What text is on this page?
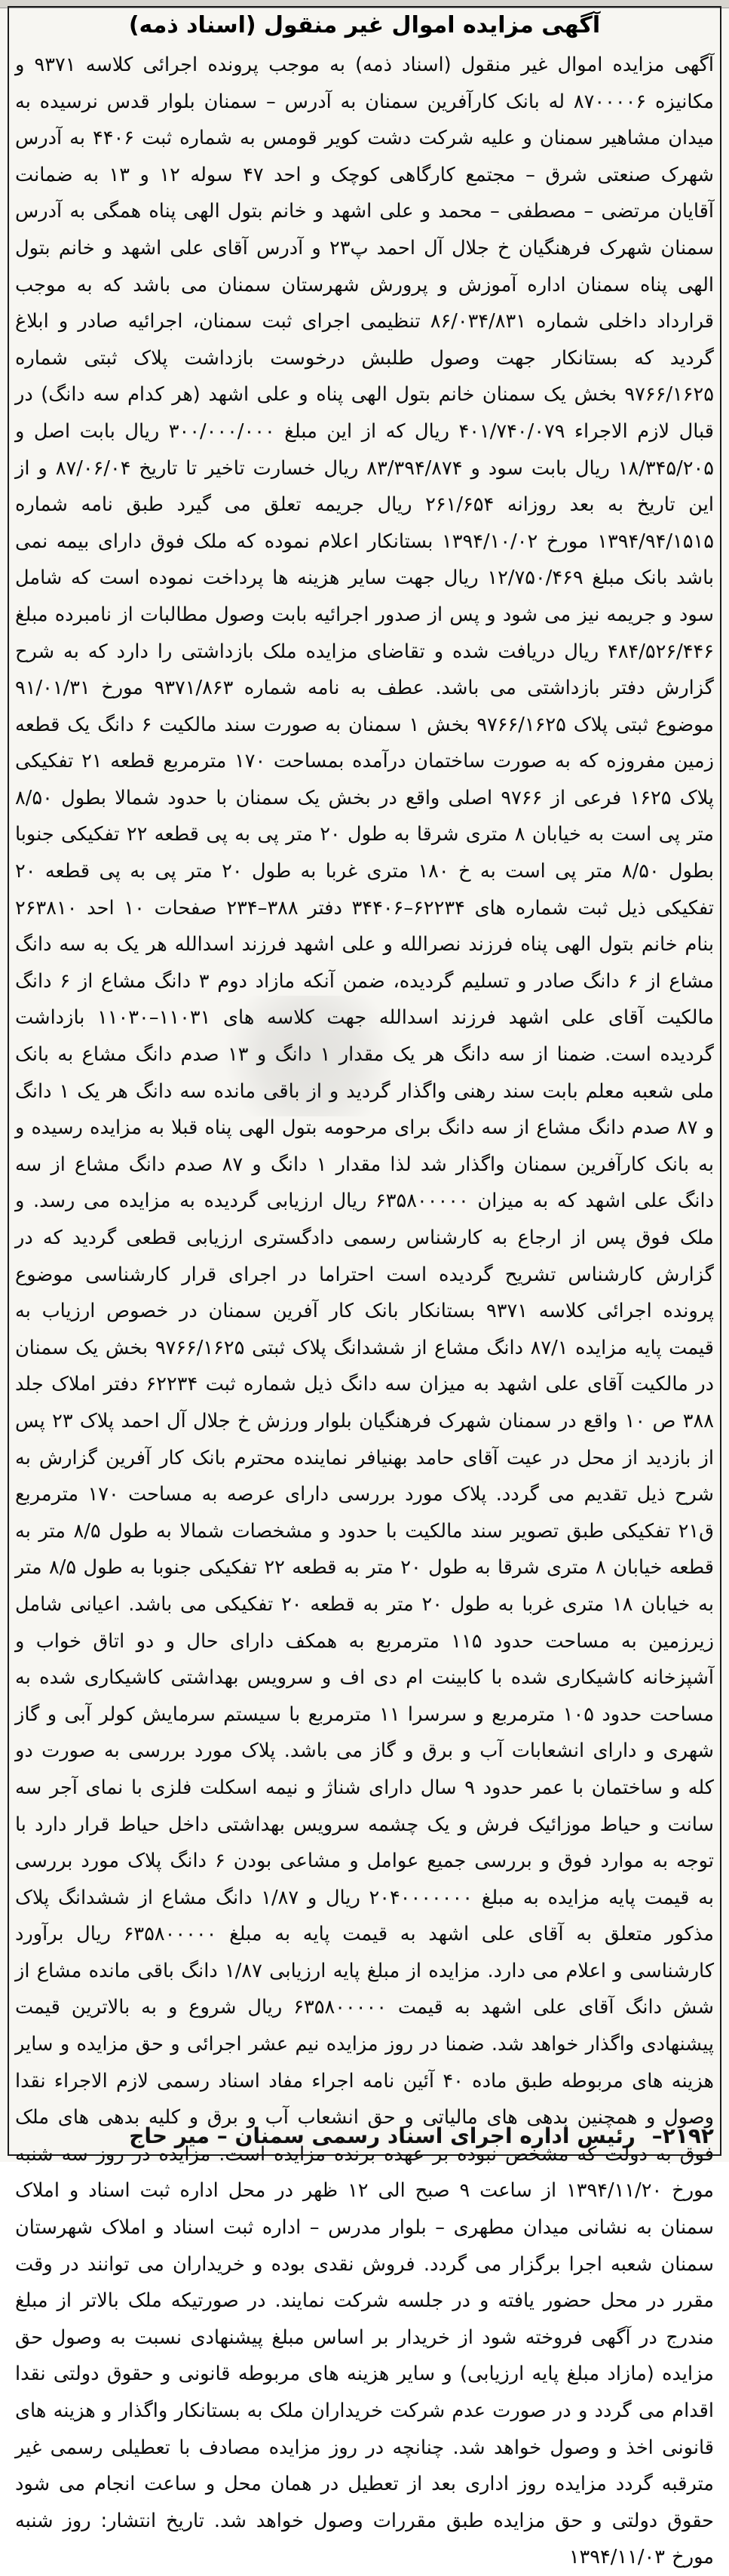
آگهی مزایده اموال غیر منقول (اسناد ذمه)
آگهی مزایده اموال غیر منقول (اسناد ذمه) به موجب پرونده اجرائی کلاسه ۹۳۷۱ و مکانیزه ۸۷۰۰۰۰۶ له بانک کارآفرین سمنان به آدرس – سمنان بلوار قدس نرسیده به میدان مشاهیر سمنان و علیه شرکت دشت کویر قومس به شماره ثبت ۴۴۰۶ به آدرس شهرک صنعتی شرق – مجتمع کارگاهی کوچک و احد ۴۷ سوله ۱۲ و ۱۳ به ضمانت آقایان مرتضی – مصطفی – محمد و علی اشهد و خانم بتول الهی پناه همگی به آدرس سمنان شهرک فرهنگیان خ جلال آل احمد پ۲۳ و آدرس آقای علی اشهد و خانم بتول الهی پناه سمنان اداره آموزش و پرورش شهرستان سمنان می باشد که به موجب قرارداد داخلی شماره ۸۶/۰۳۴/۸۳۱ تنظیمی اجرای ثبت سمنان، اجرائیه صادر و ابلاغ گردید که بستانکار جهت وصول طلبش درخوست بازداشت پلاک ثبتی شماره ۹۷۶۶/۱۶۲۵ بخش یک سمنان خانم بتول الهی پناه و علی اشهد (هر کدام سه دانگ) در قبال لازم الاجراء ۴۰۱/۷۴۰/۰۷۹ ریال که از این مبلغ ۳۰۰/۰۰۰/۰۰۰ ریال بابت اصل و ۱۸/۳۴۵/۲۰۵ ریال بابت سود و ۸۳/۳۹۴/۸۷۴ ریال خسارت تاخیر تا تاریخ ۸۷/۰۶/۰۴ و از این تاریخ به بعد روزانه ۲۶۱/۶۵۴ ریال جریمه تعلق می گیرد طبق نامه شماره ۱۳۹۴/۹۴/۱۵۱۵ مورخ ۱۳۹۴/۱۰/۰۲ بستانکار اعلام نموده که ملک فوق دارای بیمه نمی باشد بانک مبلغ ۱۲/۷۵۰/۴۶۹ ریال جهت سایر هزینه ها پرداخت نموده است که شامل سود و جریمه نیز می شود و پس از صدور اجرائیه بابت وصول مطالبات از نامبرده مبلغ ۴۸۴/۵۲۶/۴۴۶ ریال دریافت شده و تقاضای مزایده ملک بازداشتی را دارد که به شرح گزارش دفتر بازداشتی می باشد. عطف به نامه شماره ۹۳۷۱/۸۶۳ مورخ ۹۱/۰۱/۳۱ موضوع ثبتی پلاک ۹۷۶۶/۱۶۲۵ بخش ۱ سمنان به صورت سند مالکیت ۶ دانگ یک قطعه زمین مفروزه که به صورت ساختمان درآمده بمساحت ۱۷۰ مترمربع قطعه ۲۱ تفکیکی پلاک ۱۶۲۵ فرعی از ۹۷۶۶ اصلی واقع در بخش یک سمنان با حدود شمالا بطول ۸/۵۰ متر پی است به خیابان ۸ متری شرقا به طول ۲۰ متر پی به پی قطعه ۲۲ تفکیکی جنوبا بطول ۸/۵۰ متر پی است به خ ۱۸۰ متری غربا به طول ۲۰ متر پی به پی قطعه ۲۰ تفکیکی ذیل ثبت شماره های ۶۲۲۳۴–۳۴۴۰۶ دفتر ۳۸۸–۲۳۴ صفحات ۱۰ احد ۲۶۳۸۱۰ بنام خانم بتول الهی پناه فرزند نصرالله و علی اشهد فرزند اسدالله هر یک به سه دانگ مشاع از ۶ دانگ صادر و تسلیم گردیده، ضمن آنکه مازاد دوم ۳ دانگ مشاع از ۶ دانگ مالکیت آقای علی اشهد فرزند اسدالله جهت کلاسه های ۱۱۰۳۱–۱۱۰۳۰ بازداشت گردیده است. ضمنا از سه دانگ هر یک مقدار ۱ دانگ و ۱۳ صدم دانگ مشاع به بانک ملی شعبه معلم بابت سند رهنی واگذار گردید و از باقی مانده سه دانگ هر یک ۱ دانگ و ۸۷ صدم دانگ مشاع از سه دانگ برای مرحومه بتول الهی پناه قبلا به مزایده رسیده و به بانک کارآفرین سمنان واگذار شد لذا مقدار ۱ دانگ و ۸۷ صدم دانگ مشاع از سه دانگ علی اشهد که به میزان ۶۳۵۸۰۰۰۰۰ ریال ارزیابی گردیده به مزایده می رسد. و ملک فوق پس از ارجاع به کارشناس رسمی دادگستری ارزیابی قطعی گردید که در گزارش کارشناس تشریح گردیده است احتراما در اجرای قرار کارشناسی موضوع پرونده اجرائی کلاسه ۹۳۷۱ بستانکار بانک کار آفرین سمنان در خصوص ارزیاب به قیمت پایه مزایده ۸۷/۱ دانگ مشاع از ششدانگ پلاک ثبتی ۹۷۶۶/۱۶۲۵ بخش یک سمنان در مالکیت آقای علی اشهد به میزان سه دانگ ذیل شماره ثبت ۶۲۲۳۴ دفتر املاک جلد ۳۸۸ ص ۱۰ واقع در سمنان شهرک فرهنگیان بلوار ورزش خ جلال آل احمد پلاک ۲۳ پس از بازدید از محل در عیت آقای حامد بهنیافر نماینده محترم بانک کار آفرین گزارش به شرح ذیل تقدیم می گردد. پلاک مورد بررسی دارای عرصه به مساحت ۱۷۰ مترمربع ق۲۱ تفکیکی طبق تصویر سند مالکیت با حدود و مشخصات شمالا به طول ۸/۵ متر به قطعه خیابان ۸ متری شرقا به طول ۲۰ متر به قطعه ۲۲ تفکیکی جنوبا به طول ۸/۵ متر به خیابان ۱۸ متری غربا به طول ۲۰ متر به قطعه ۲۰ تفکیکی می باشد. اعیانی شامل زیرزمین به مساحت حدود ۱۱۵ مترمربع به همکف دارای حال و دو اتاق خواب و آشپزخانه کاشیکاری شده با کابینت ام دی اف و سرویس بهداشتی کاشیکاری شده به مساحت حدود ۱۰۵ مترمربع و سرسرا ۱۱ مترمربع با سیستم سرمایش کولر آبی و گاز شهری و دارای انشعابات آب و برق و گاز می باشد. پلاک مورد بررسی به صورت دو کله و ساختمان با عمر حدود ۹ سال دارای شناژ و نیمه اسکلت فلزی با نمای آجر سه سانت و حیاط موزائیک فرش و یک چشمه سرویس بهداشتی داخل حیاط قرار دارد با توجه به موارد فوق و بررسی جمیع عوامل و مشاعی بودن ۶ دانگ پلاک مورد بررسی به قیمت پایه مزایده به مبلغ ۲۰۴۰۰۰۰۰۰۰ ریال و ۱/۸۷ دانگ مشاع از ششدانگ پلاک مذکور متعلق به آقای علی اشهد به قیمت پایه به مبلغ ۶۳۵۸۰۰۰۰۰ ریال برآورد کارشناسی و اعلام می دارد. مزایده از مبلغ پایه ارزیابی ۱/۸۷ دانگ باقی مانده مشاع از شش دانگ آقای علی اشهد به قیمت ۶۳۵۸۰۰۰۰۰ ریال شروع و به بالاترین قیمت پیشنهادی واگذار خواهد شد. ضمنا در روز مزایده نیم عشر اجرائی و حق مزایده و سایر هزینه های مربوطه طبق ماده ۴۰ آئین نامه اجراء مفاد اسناد رسمی لازم الاجراء نقدا وصول و همچنین بدهی های مالیاتی و حق انشعاب آب و برق و کلیه بدهی های ملک فوق به دولت که مشخص نبوده بر عهده برنده مزایده است. مزایده در روز سه شنبه مورخ ۱۳۹۴/۱۱/۲۰ از ساعت ۹ صبح الی ۱۲ ظهر در محل اداره ثبت اسناد و املاک سمنان به نشانی میدان مطهری – بلوار مدرس – اداره ثبت اسناد و املاک شهرستان سمنان شعبه اجرا برگزار می گردد. فروش نقدی بوده و خریداران می توانند در وقت مقرر در محل حضور یافته و در جلسه شرکت نمایند. در صورتیکه ملک بالاتر از مبلغ مندرج در آگهی فروخته شود از خریدار بر اساس مبلغ پیشنهادی نسبت به وصول حق مزایده (مازاد مبلغ پایه ارزیابی) و سایر هزینه های مربوطه قانونی و حقوق دولتی نقدا اقدام می گردد و در صورت عدم شرکت خریداران ملک به بستانکار واگذار و هزینه های قانونی اخذ و وصول خواهد شد. چنانچه در روز مزایده مصادف با تعطیلی رسمی غیر مترقبه گردد مزایده روز اداری بعد از تعطیل در همان محل و ساعت انجام می شود حقوق دولتی و حق مزایده طبق مقررات وصول خواهد شد. تاریخ انتشار: روز شنبه مورخ ۱۳۹۴/۱۱/۰۳
۲۱۹۲– رئیس اداره اجرای اسناد رسمی سمنان – میر حاج
